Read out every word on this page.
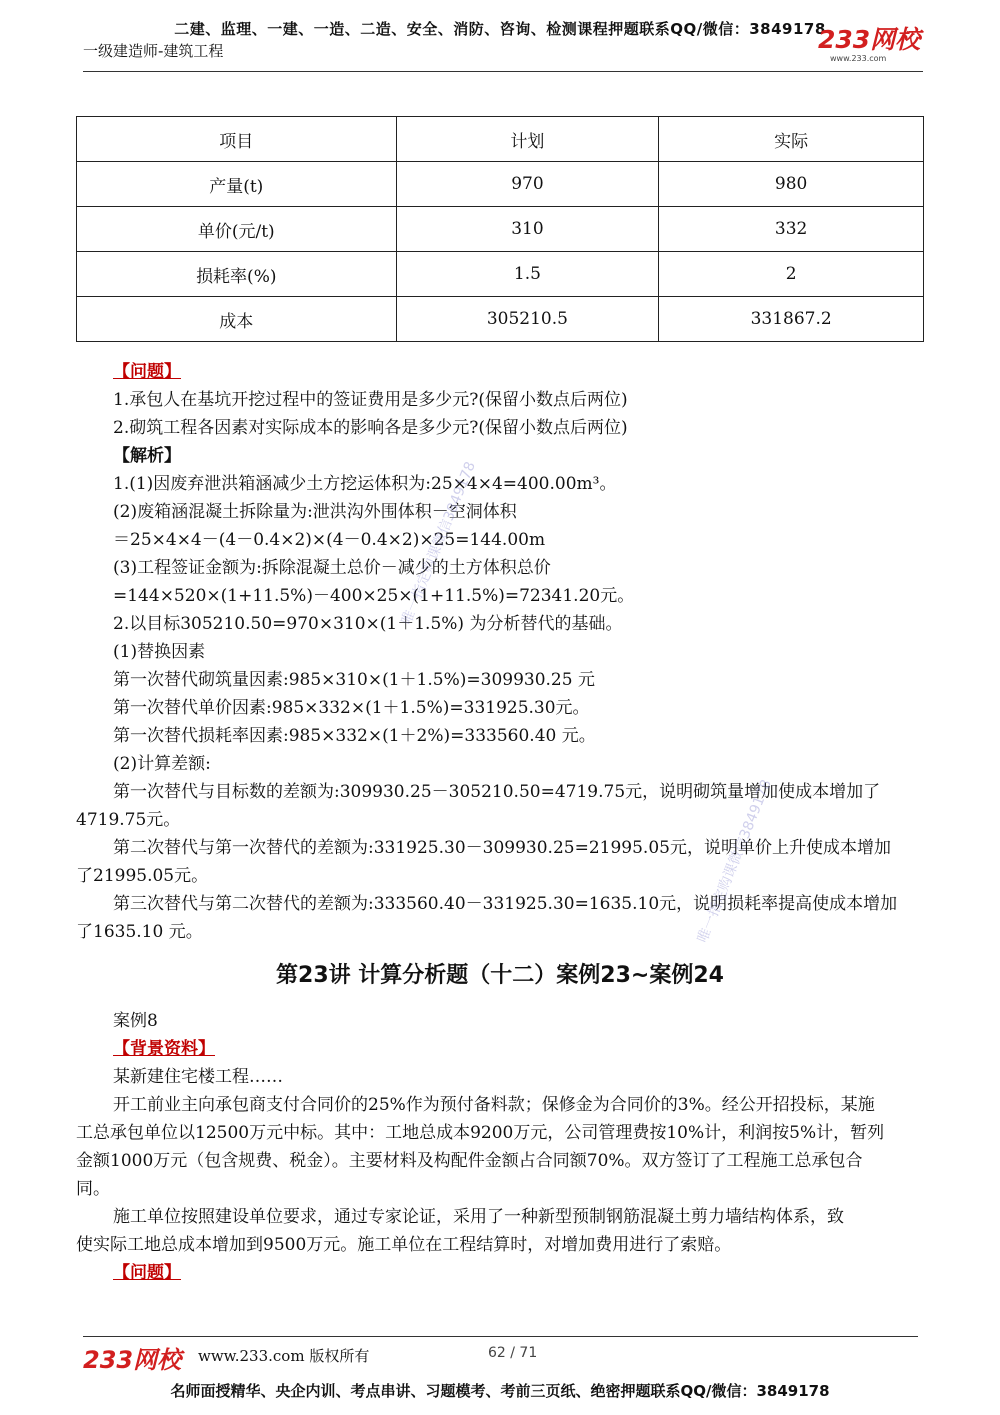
二建、监理、一建、一造、二造、安全、消防、咨询、检测课程押题联系QQ/微信：3849178
一级建造师-建筑工程	233网校
www.233.com
项目	计划	实际
产量(t)	970	980
单价(元/t)	310	332
损耗率(%)	1.5	2
成本	305210.5	331867.2
【问题】
1.承包人在基坑开挖过程中的签证费用是多少元?(保留小数点后两位)
2.砌筑工程各因素对实际成本的影响各是多少元?(保留小数点后两位)
【解析】
1.(1)因废弃泄洪箱涵减少土方挖运体积为:25×4×4=400.00m³。
(2)废箱涵混凝土拆除量为:泄洪沟外围体积－空洞体积
＝25×4×4－(4－0.4×2)×(4－0.4×2)×25=144.00m
(3)工程签证金额为:拆除混凝土总价－减少的土方体积总价
=144×520×(1+11.5%)－400×25×(1+11.5%)=72341.20元。
2.以目标305210.50=970×310×(1＋1.5%) 为分析替代的基础。
(1)替换因素
第一次替代砌筑量因素:985×310×(1＋1.5%)=309930.25 元
第一次替代单价因素:985×332×(1＋1.5%)=331925.30元。
第一次替代损耗率因素:985×332×(1＋2%)=333560.40 元。
(2)计算差额:
第一次替代与目标数的差额为:309930.25－305210.50=4719.75元，说明砌筑量增加使成本增加了
4719.75元。
第二次替代与第一次替代的差额为:331925.30－309930.25=21995.05元，说明单价上升使成本增加
了21995.05元。
第三次替代与第二次替代的差额为:333560.40－331925.30=1635.10元，说明损耗率提高使成本增加
了1635.10 元。
第23讲 计算分析题（十二）案例23~案例24
案例8
【背景资料】
某新建住宅楼工程……
开工前业主向承包商支付合同价的25%作为预付备料款；保修金为合同价的3%。经公开招投标，某施
工总承包单位以12500万元中标。其中：工地总成本9200万元，公司管理费按10%计，利润按5%计，暂列
金额1000万元（包含规费、税金）。主要材料及构配件金额占合同额70%。双方签订了工程施工总承包合
同。
施工单位按照建设单位要求，通过专家论证，采用了一种新型预制钢筋混凝土剪力墙结构体系，致
使实际工地总成本增加到9500万元。施工单位在工程结算时，对增加费用进行了索赔。
【问题】
唯一指定购课微信3849178
唯一指定购课微信3849178
233网校 www.233.com 版权所有	62 / 71
名师面授精华、央企内训、考点串讲、习题模考、考前三页纸、绝密押题联系QQ/微信：3849178
